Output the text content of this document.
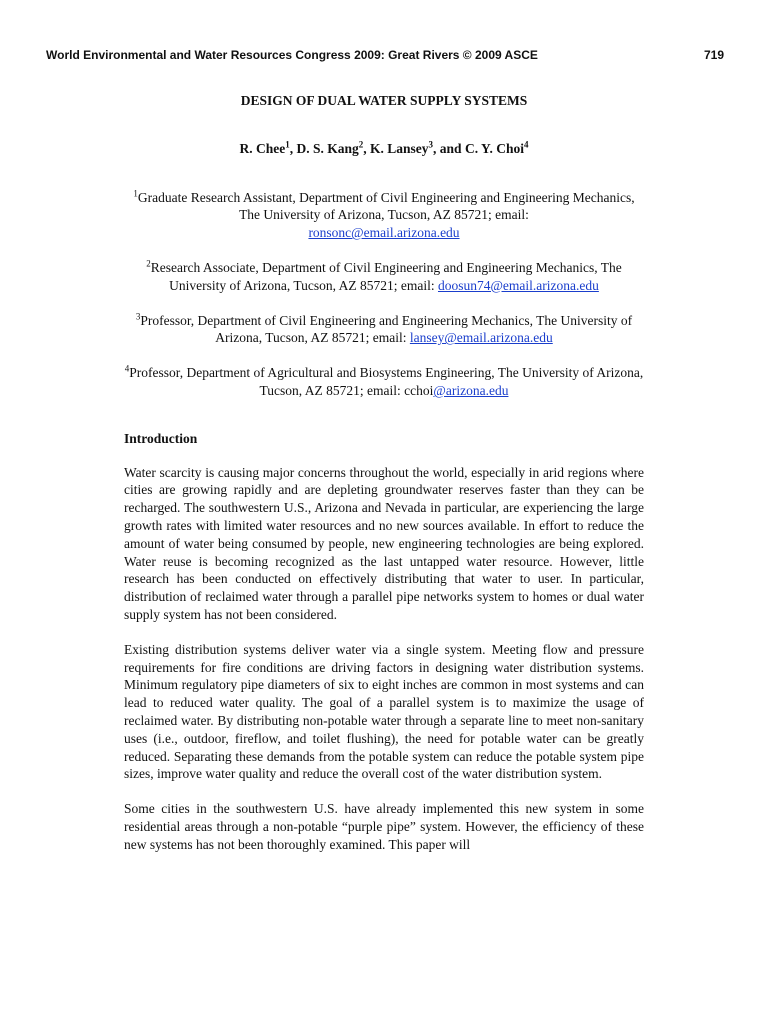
World Environmental and Water Resources Congress 2009: Great Rivers © 2009 ASCE	719

DESIGN OF DUAL WATER SUPPLY SYSTEMS

R. Chee$^1$, D. S. Kang$^2$, K. Lansey$^3$, and C. Y. Choi$^4$

$^1$Graduate Research Assistant, Department of Civil Engineering and Engineering Mechanics, The University of Arizona, Tucson, AZ 85721; email:
ronsonc@email.arizona.edu

$^2$Research Associate, Department of Civil Engineering and Engineering Mechanics, The University of Arizona, Tucson, AZ 85721; email: doosun74@email.arizona.edu

$^3$Professor, Department of Civil Engineering and Engineering Mechanics, The University of Arizona, Tucson, AZ 85721; email: lansey@email.arizona.edu

$^4$Professor, Department of Agricultural and Biosystems Engineering, The University of Arizona, Tucson, AZ 85721; email: cchoi@arizona.edu

Introduction

Water scarcity is causing major concerns throughout the world, especially in arid regions where cities are growing rapidly and are depleting groundwater reserves faster than they can be recharged. The southwestern U.S., Arizona and Nevada in particular, are experiencing the large growth rates with limited water resources and no new sources available. In effort to reduce the amount of water being consumed by people, new engineering technologies are being explored. Water reuse is becoming recognized as the last untapped water resource. However, little research has been conducted on effectively distributing that water to user. In particular, distribution of reclaimed water through a parallel pipe networks system to homes or dual water supply system has not been considered.

Existing distribution systems deliver water via a single system. Meeting flow and pressure requirements for fire conditions are driving factors in designing water distribution systems. Minimum regulatory pipe diameters of six to eight inches are common in most systems and can lead to reduced water quality. The goal of a parallel system is to maximize the usage of reclaimed water. By distributing non-potable water through a separate line to meet non-sanitary uses (i.e., outdoor, fireflow, and toilet flushing), the need for potable water can be greatly reduced. Separating these demands from the potable system can reduce the potable system pipe sizes, improve water quality and reduce the overall cost of the water distribution system.

Some cities in the southwestern U.S. have already implemented this new system in some residential areas through a non-potable “purple pipe” system. However, the efficiency of these new systems has not been thoroughly examined. This paper will
